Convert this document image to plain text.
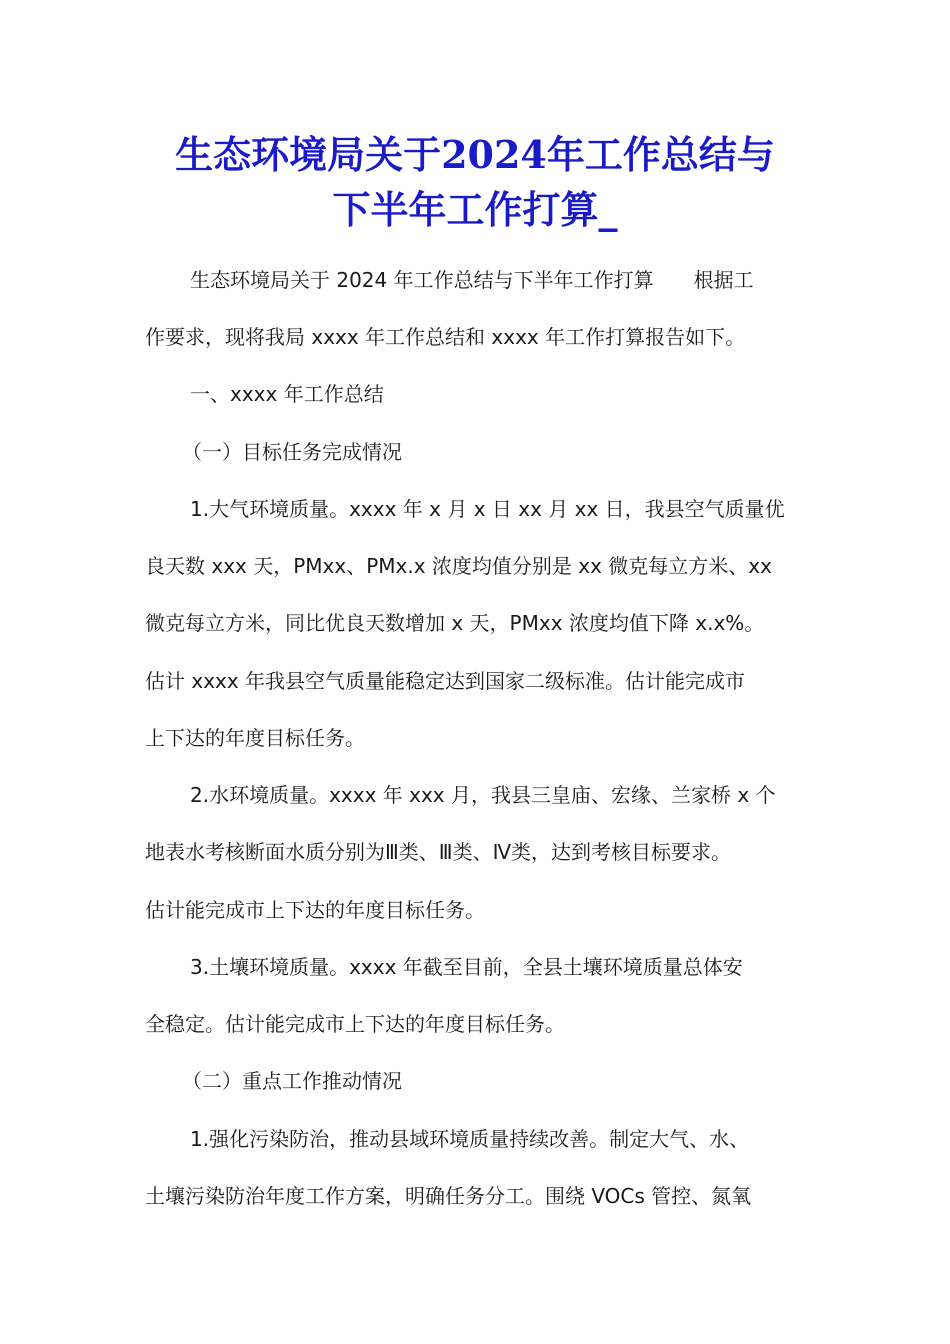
生态环境局关于2024年工作总结与
下半年工作打算_
生态环境局关于 2024 年工作总结与下半年工作打算　　根据工
作要求，现将我局 xxxx 年工作总结和 xxxx 年工作打算报告如下。
一、xxxx 年工作总结
（一）目标任务完成情况
1.大气环境质量。xxxx 年 x 月 x 日 xx 月 xx 日，我县空气质量优
良天数 xxx 天，PMxx、PMx.x 浓度均值分别是 xx 微克每立方米、xx
微克每立方米，同比优良天数增加 x 天，PMxx 浓度均值下降 x.x%。
估计 xxxx 年我县空气质量能稳定达到国家二级标准。估计能完成市
上下达的年度目标任务。
2.水环境质量。xxxx 年 xxx 月，我县三皇庙、宏缘、兰家桥 x 个
地表水考核断面水质分别为Ⅲ类、Ⅲ类、Ⅳ类，达到考核目标要求。
估计能完成市上下达的年度目标任务。
3.土壤环境质量。xxxx 年截至目前，全县土壤环境质量总体安
全稳定。估计能完成市上下达的年度目标任务。
（二）重点工作推动情况
1.强化污染防治，推动县域环境质量持续改善。制定大气、水、
土壤污染防治年度工作方案，明确任务分工。围绕 VOCs 管控、氮氧
